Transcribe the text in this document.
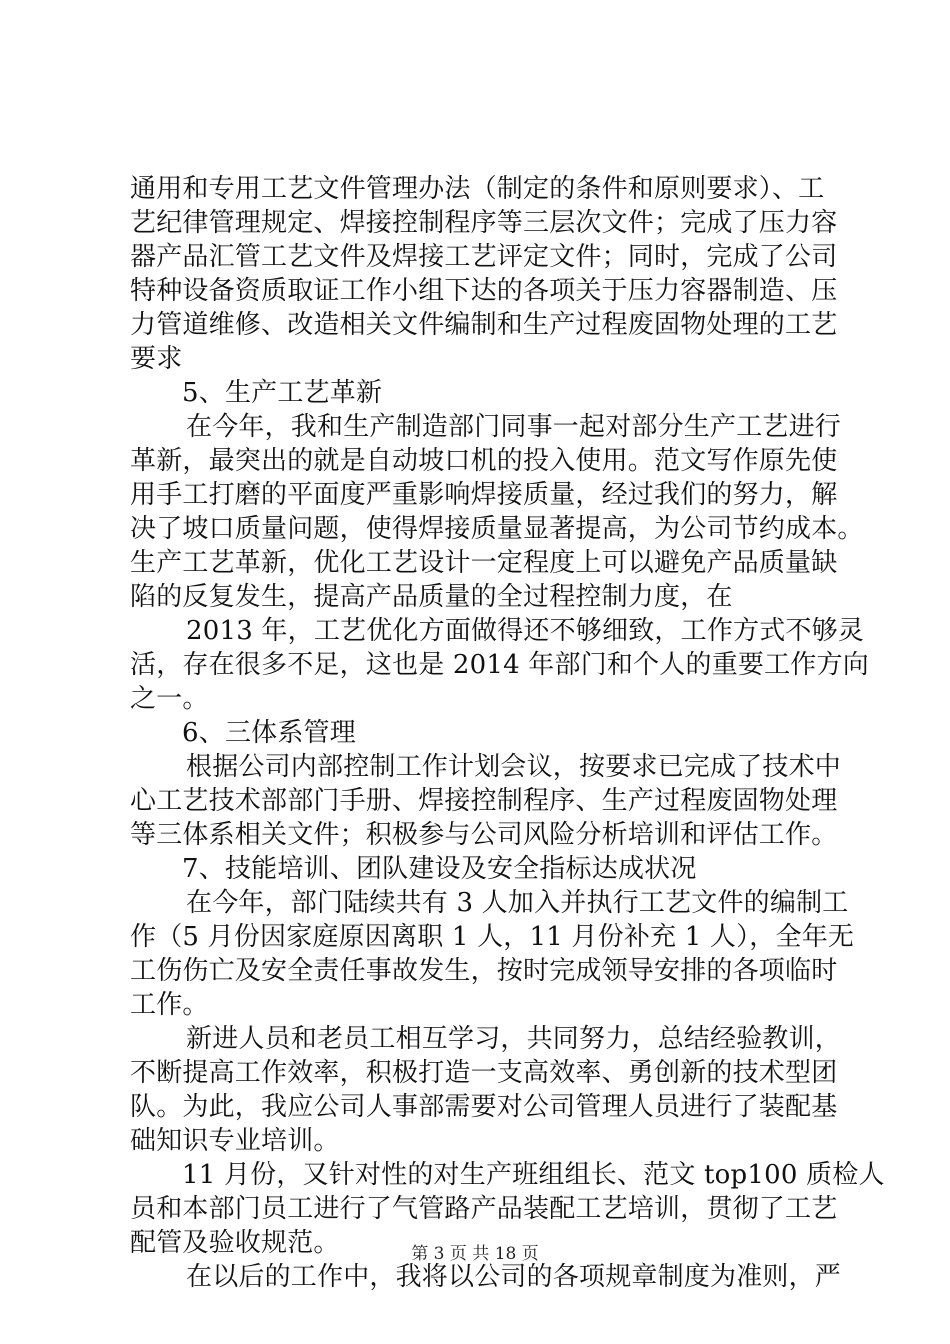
通用和专用工艺文件管理办法（制定的条件和原则要求）、工
艺纪律管理规定、焊接控制程序等三层次文件；完成了压力容
器产品汇管工艺文件及焊接工艺评定文件；同时，完成了公司
特种设备资质取证工作小组下达的各项关于压力容器制造、压
力管道维修、改造相关文件编制和生产过程废固物处理的工艺
要求
5、生产工艺革新
在今年，我和生产制造部门同事一起对部分生产工艺进行
革新，最突出的就是自动坡口机的投入使用。范文写作原先使
用手工打磨的平面度严重影响焊接质量，经过我们的努力，解
决了坡口质量问题，使得焊接质量显著提高，为公司节约成本。
生产工艺革新，优化工艺设计一定程度上可以避免产品质量缺
陷的反复发生，提高产品质量的全过程控制力度，在
2013 年，工艺优化方面做得还不够细致，工作方式不够灵
活，存在很多不足，这也是 2014 年部门和个人的重要工作方向
之一。
6、三体系管理
根据公司内部控制工作计划会议，按要求已完成了技术中
心工艺技术部部门手册、焊接控制程序、生产过程废固物处理
等三体系相关文件；积极参与公司风险分析培训和评估工作。
7、技能培训、团队建设及安全指标达成状况
在今年，部门陆续共有 3 人加入并执行工艺文件的编制工
作（5 月份因家庭原因离职 1 人，11 月份补充 1 人），全年无
工伤伤亡及安全责任事故发生，按时完成领导安排的各项临时
工作。
新进人员和老员工相互学习，共同努力，总结经验教训，
不断提高工作效率，积极打造一支高效率、勇创新的技术型团
队。为此，我应公司人事部需要对公司管理人员进行了装配基
础知识专业培训。
11 月份，又针对性的对生产班组组长、范文 top100 质检人
员和本部门员工进行了气管路产品装配工艺培训，贯彻了工艺
配管及验收规范。
在以后的工作中，我将以公司的各项规章制度为准则，严
第 3 页 共 18 页
